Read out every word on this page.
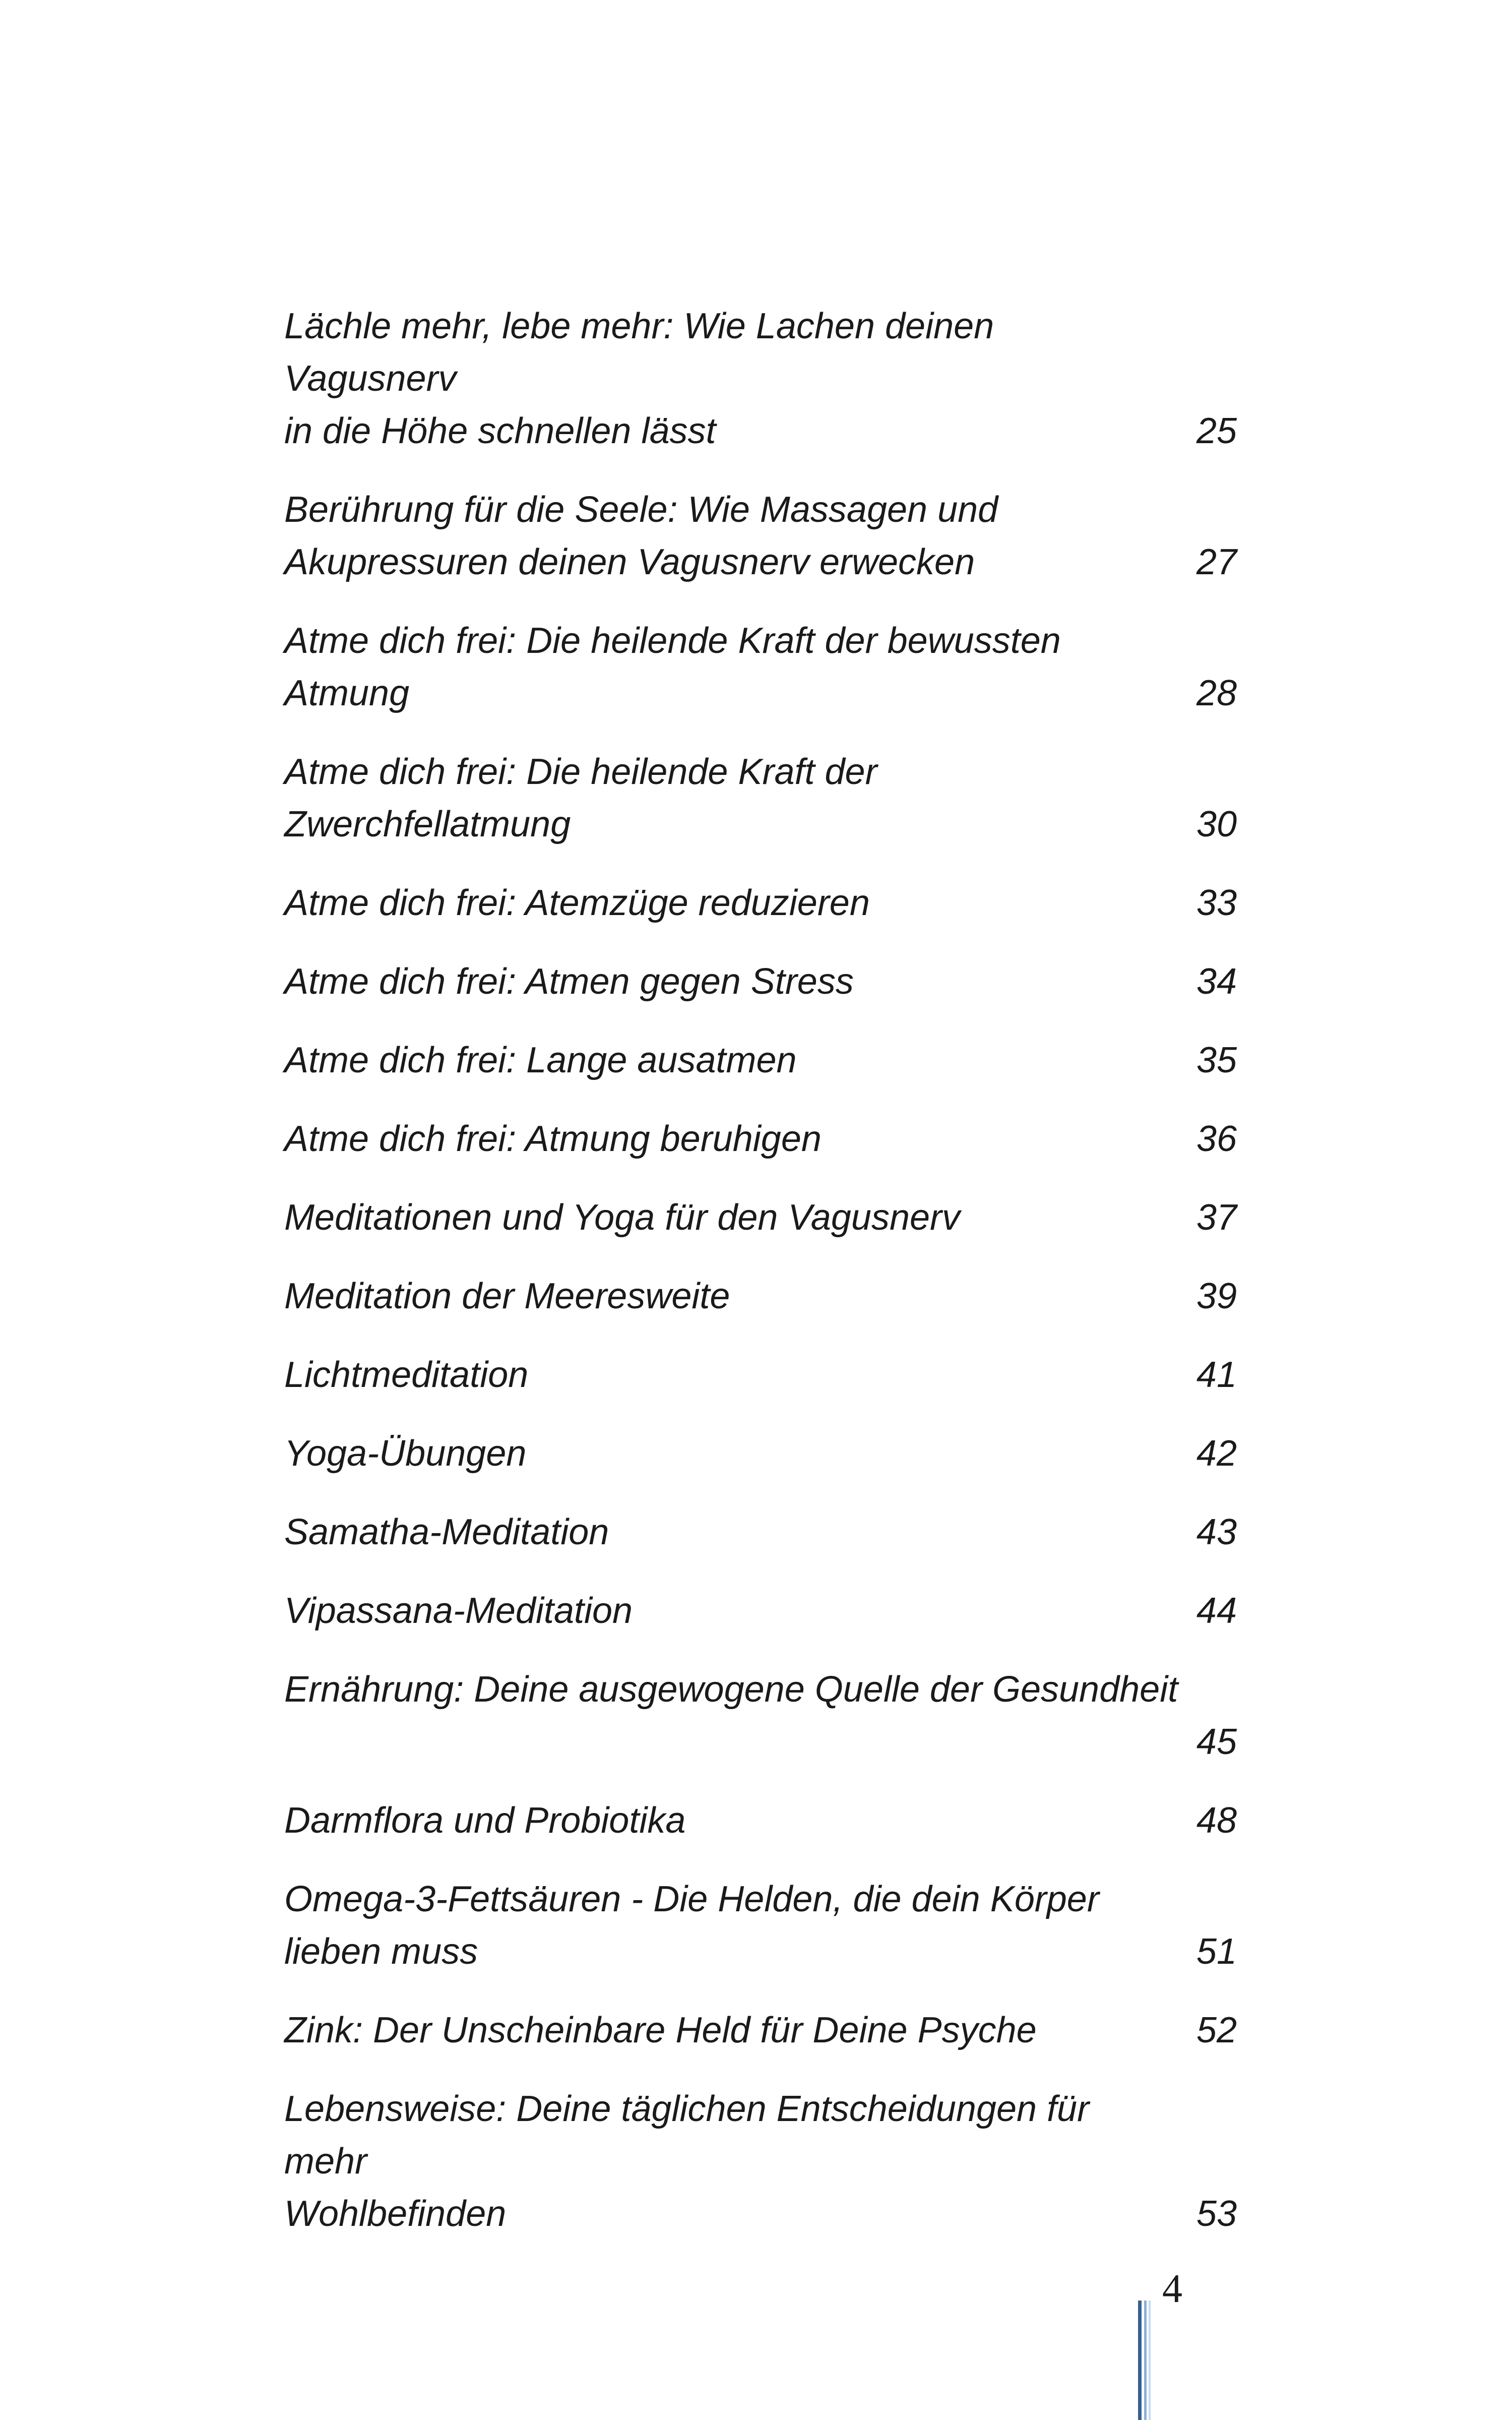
Lächle mehr, lebe mehr: Wie Lachen deinen Vagusnerv
in die Höhe schnellen lässt	25
Berührung für die Seele: Wie Massagen und
Akupressuren deinen Vagusnerv erwecken	27
Atme dich frei: Die heilende Kraft der bewussten
Atmung	28
Atme dich frei: Die heilende Kraft der
Zwerchfellatmung	30
Atme dich frei: Atemzüge reduzieren	33
Atme dich frei: Atmen gegen Stress	34
Atme dich frei: Lange ausatmen	35
Atme dich frei: Atmung beruhigen	36
Meditationen und Yoga für den Vagusnerv	37
Meditation der Meeresweite	39
Lichtmeditation	41
Yoga-Übungen	42
Samatha-Meditation	43
Vipassana-Meditation	44
Ernährung: Deine ausgewogene Quelle der Gesundheit
45
Darmflora und Probiotika	48
Omega-3-Fettsäuren - Die Helden, die dein Körper
lieben muss	51
Zink: Der Unscheinbare Held für Deine Psyche	52
Lebensweise: Deine täglichen Entscheidungen für mehr
Wohlbefinden	53
4
